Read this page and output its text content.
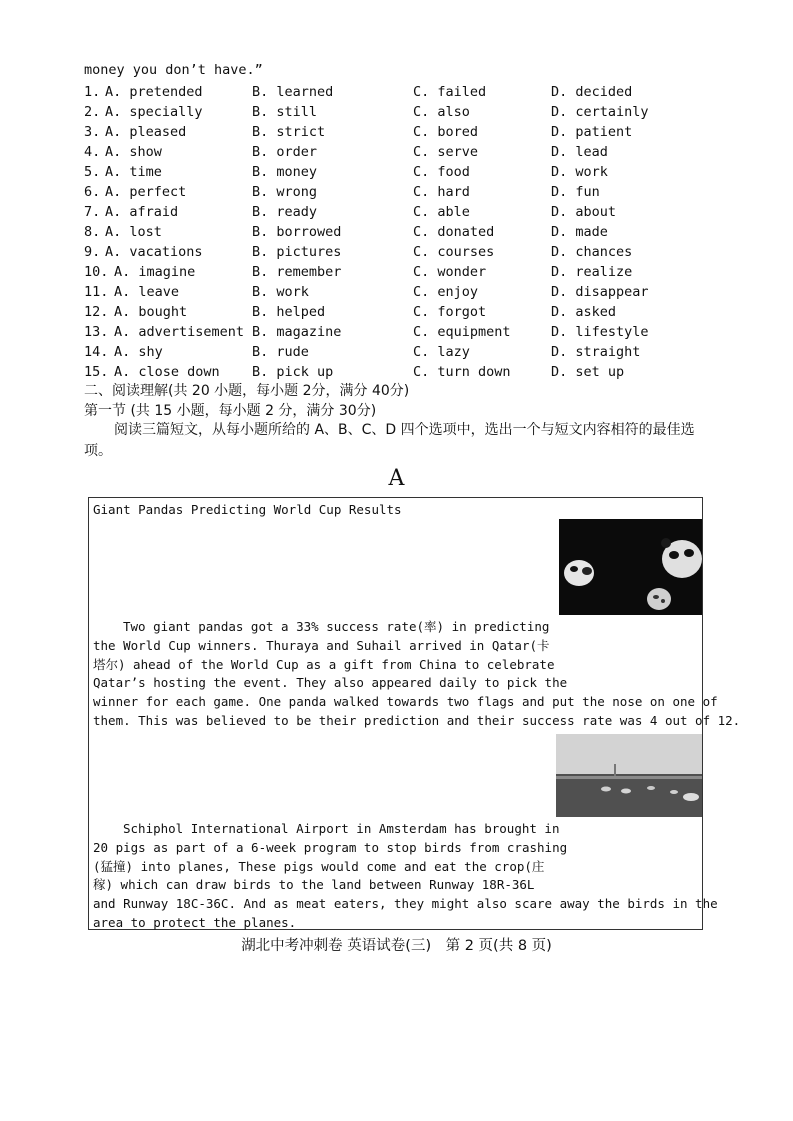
money you don’t have.”
1. A. pretended	B. learned	C. failed	D. decided
2. A. specially	B. still	C. also	D. certainly
3. A. pleased	B. strict	C. bored	D. patient
4. A. show	B. order	C. serve	D. lead
5. A. time	B. money	C. food	D. work
6. A. perfect	B. wrong	C. hard	D. fun
7. A. afraid	B. ready	C. able	D. about
8. A. lost	B. borrowed	C. donated	D. made
9. A. vacations	B. pictures	C. courses	D. chances
10. A. imagine	B. remember	C. wonder	D. realize
11. A. leave	B. work	C. enjoy	D. disappear
12. A. bought	B. helped	C. forgot	D. asked
13. A. advertisement B. magazine	C. equipment	D. lifestyle
14. A. shy	B. rude	C. lazy	D. straight
15. A. close down B. pick up	C. turn down	D. set up
二、阅读理解(共 20 小题，每小题 2分，满分 40分)
第一节 (共 15 小题，每小题 2 分，满分 30分)
阅读三篇短文，从每小题所给的 A、B、C、D 四个选项中，选出一个与短文内容相符的最佳选项。
A
Giant Pandas Predicting World Cup Results
Two giant pandas got a 33% success rate(率) in predicting
the World Cup winners. Thuraya and Suhail arrived in Qatar(卡
塔尔) ahead of the World Cup as a gift from China to celebrate
Qatar’s hosting the event. They also appeared daily to pick the
winner for each game. One panda walked towards two flags and put the nose on one of
them. This was believed to be their prediction and their success rate was 4 out of 12.
Schiphol International Airport in Amsterdam has brought in
20 pigs as part of a 6-week program to stop birds from crashing
(猛撞) into planes, These pigs would come and eat the crop(庄
稼) which can draw birds to the land between Runway 18R-36L
and Runway 18C-36C. And as meat eaters, they might also scare away the birds in the
area to protect the planes.
湖北中考冲刺卷 英语试卷(三)　第 2 页(共 8 页)
